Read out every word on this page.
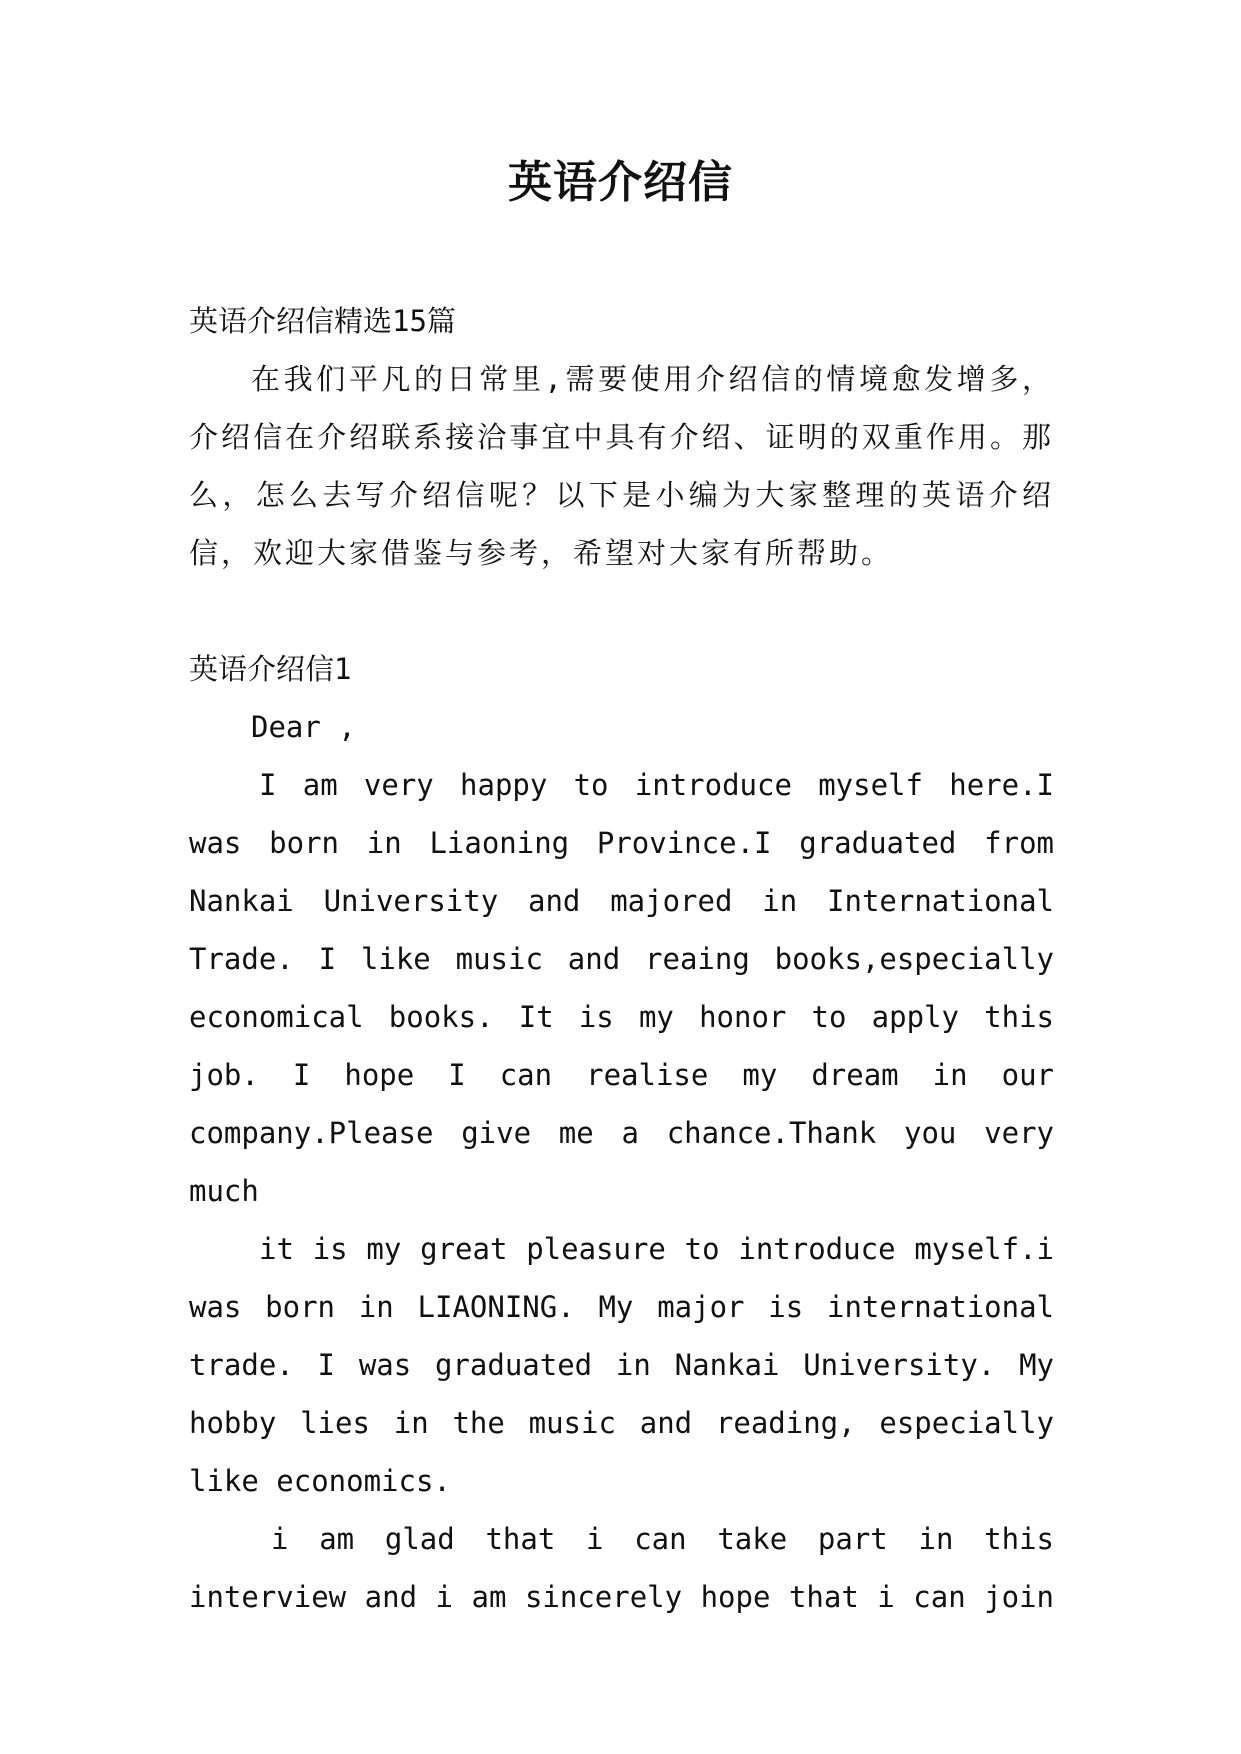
英语介绍信

英语介绍信精选15篇

在我们平凡的日常里,需要使用介绍信的情境愈发增多，介绍信在介绍联系接洽事宜中具有介绍、证明的双重作用。那么，怎么去写介绍信呢？以下是小编为大家整理的英语介绍信，欢迎大家借鉴与参考，希望对大家有所帮助。

英语介绍信1

Dear ,

I am very happy to introduce myself here.I was born in Liaoning Province.I graduated from Nankai University and majored in International Trade. I like music and reaing books,especially economical books. It is my honor to apply this job. I hope I can realise my dream in our company.Please give me a chance.Thank you very much

it is my great pleasure to introduce myself.i was born in LIAONING. My major is international trade. I was graduated in Nankai University. My hobby lies in the music and reading, especially like economics.

i am glad that i can take part in this interview and i am sincerely hope that i can join
